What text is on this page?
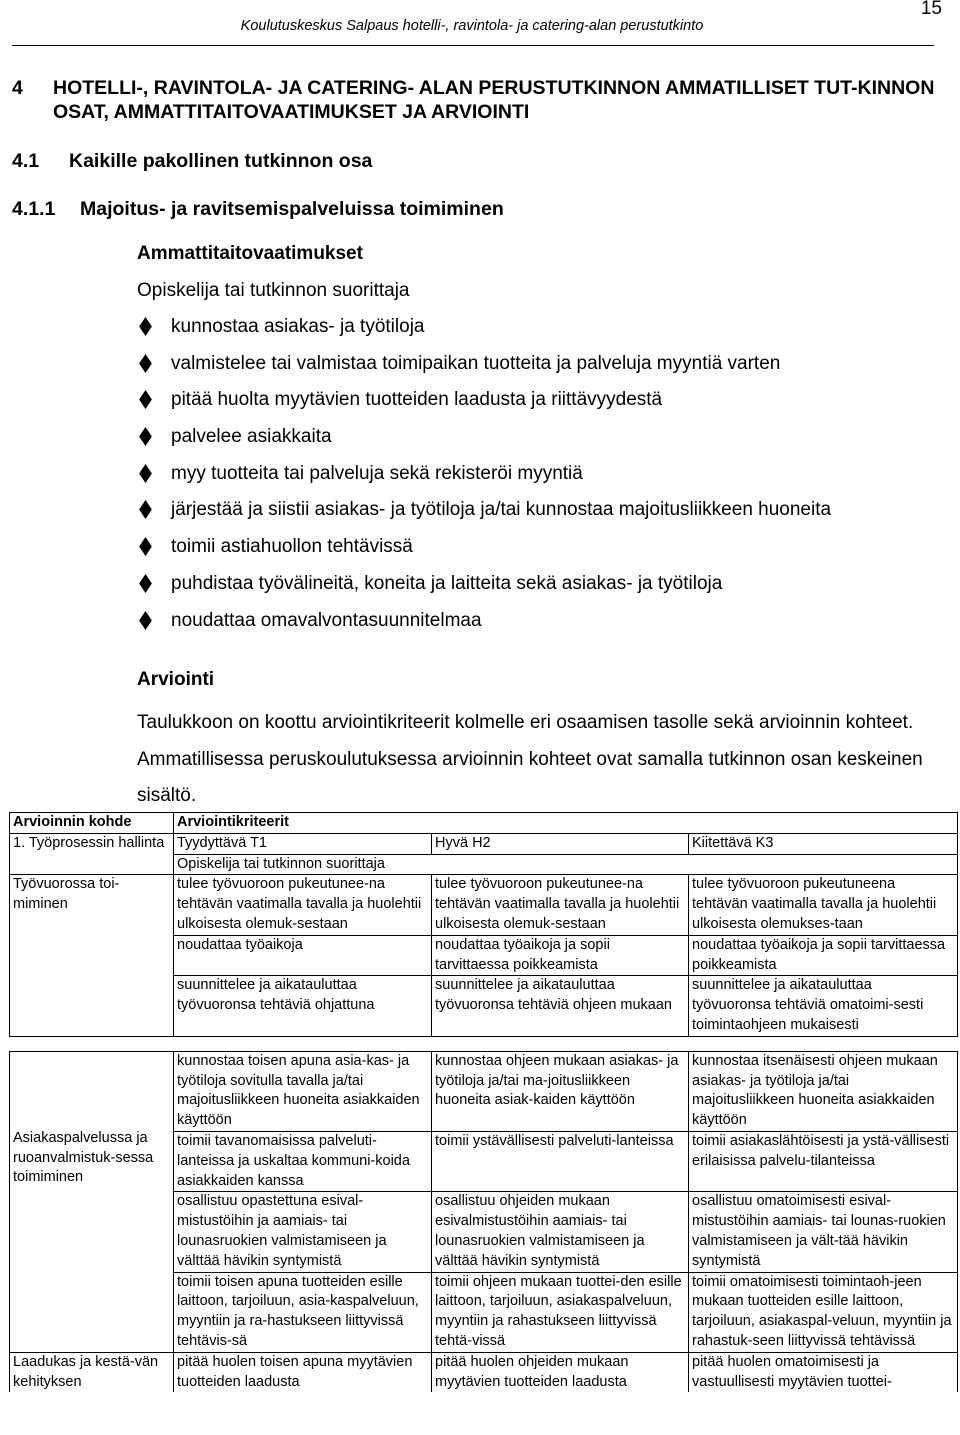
15
Koulutuskeskus Salpaus hotelli-, ravintola- ja catering-alan perustutkinto
4 HOTELLI-, RAVINTOLA- JA CATERING- ALAN PERUSTUTKINNON AMMATILLISET TUT-KINNON OSAT, AMMATTITAITOVAATIMUKSET JA ARVIOINTI
4.1 Kaikille pakollinen tutkinnon osa
4.1.1 Majoitus- ja ravitsemispalveluissa toimiminen
Ammattitaitovaatimukset
Opiskelija tai tutkinnon suorittaja
kunnostaa asiakas- ja työtiloja
valmistelee tai valmistaa toimipaikan tuotteita ja palveluja myyntiä varten
pitää huolta myytävien tuotteiden laadusta ja riittävyydestä
palvelee asiakkaita
myy tuotteita tai palveluja sekä rekisteröi myyntiä
järjestää ja siistii asiakas- ja työtiloja ja/tai kunnostaa majoitusliikkeen huoneita
toimii astiahuollon tehtävissä
puhdistaa työvälineitä, koneita ja laitteita sekä asiakas- ja työtiloja
noudattaa omavalvontasuunnitelmaa
Arviointi
Taulukkoon on koottu arviointikriteerit kolmelle eri osaamisen tasolle sekä arvioinnin kohteet. Ammatillisessa peruskoulutuksessa arvioinnin kohteet ovat samalla tutkinnon osan keskeinen sisältö.
Arvioinnin kohde	Arviointikriteerit		
1. Työprosessin hallinta	Tyydyttävä T1	Hyvä H2	Kiitettävä K3
	Opiskelija tai tutkinnon suorittaja		
Työvuorossa toi-miminen	tulee työvuoroon pukeutunee-na tehtävän vaatimalla tavalla ja huolehtii ulkoisesta olemuk-sestaan	tulee työvuoroon pukeutunee-na tehtävän vaatimalla tavalla ja huolehtii ulkoisesta olemuk-sestaan	tulee työvuoroon pukeutuneena tehtävän vaatimalla tavalla ja huolehtii ulkoisesta olemukses-taan
	noudattaa työaikoja	noudattaa työaikoja ja sopii tarvittaessa poikkeamista	noudattaa työaikoja ja sopii tarvittaessa poikkeamista
	suunnittelee ja aikatauluttaa työvuoronsa tehtäviä ohjattuna	suunnittelee ja aikatauluttaa työvuoronsa tehtäviä ohjeen mukaan	suunnittelee ja aikatauluttaa työvuoronsa tehtäviä omatoimi-sesti toimintaohjeen mukaisesti

Asiakaspalvelussa ja ruoanvalmistuk-sessa toimiminen	kunnostaa toisen apuna asia-kas- ja työtiloja sovitulla tavalla ja/tai majoitusliikkeen huoneita asiakkaiden käyttöön	kunnostaa ohjeen mukaan asiakas- ja työtiloja ja/tai ma-joitusliikkeen huoneita asiak-kaiden käyttöön	kunnostaa itsenäisesti ohjeen mukaan asiakas- ja työtiloja ja/tai majoitusliikkeen huoneita asiakkaiden käyttöön
	toimii tavanomaisissa palveluti-lanteissa ja uskaltaa kommuni-koida asiakkaiden kanssa	toimii ystävällisesti palveluti-lanteissa	toimii asiakaslähtöisesti ja ystä-vällisesti erilaisissa palvelu-tilanteissa
	osallistuu opastettuna esival-mistustöihin ja aamiais- tai lounasruokien valmistamiseen ja välttää hävikin syntymistä	osallistuu ohjeiden mukaan esivalmistustöihin aamiais- tai lounasruokien valmistamiseen ja välttää hävikin syntymistä	osallistuu omatoimisesti esival-mistustöihin aamiais- tai lounas-ruokien valmistamiseen ja vält-tää hävikin syntymistä
	toimii toisen apuna tuotteiden esille laittoon, tarjoiluun, asia-kaspalveluun, myyntiin ja ra-hastukseen liittyvissä tehtävis-sä	toimii ohjeen mukaan tuottei-den esille laittoon, tarjoiluun, asiakaspalveluun, myyntiin ja rahastukseen liittyvissä tehtä-vissä	toimii omatoimisesti toimintaoh-jeen mukaan tuotteiden esille laittoon, tarjoiluun, asiakaspal-veluun, myyntiin ja rahastuk-seen liittyvissä tehtävissä
Laadukas ja kestä-vän kehityksen	pitää huolen toisen apuna myytävien tuotteiden laadusta	pitää huolen ohjeiden mukaan myytävien tuotteiden laadusta	pitää huolen omatoimisesti ja vastuullisesti myytävien tuottei-
